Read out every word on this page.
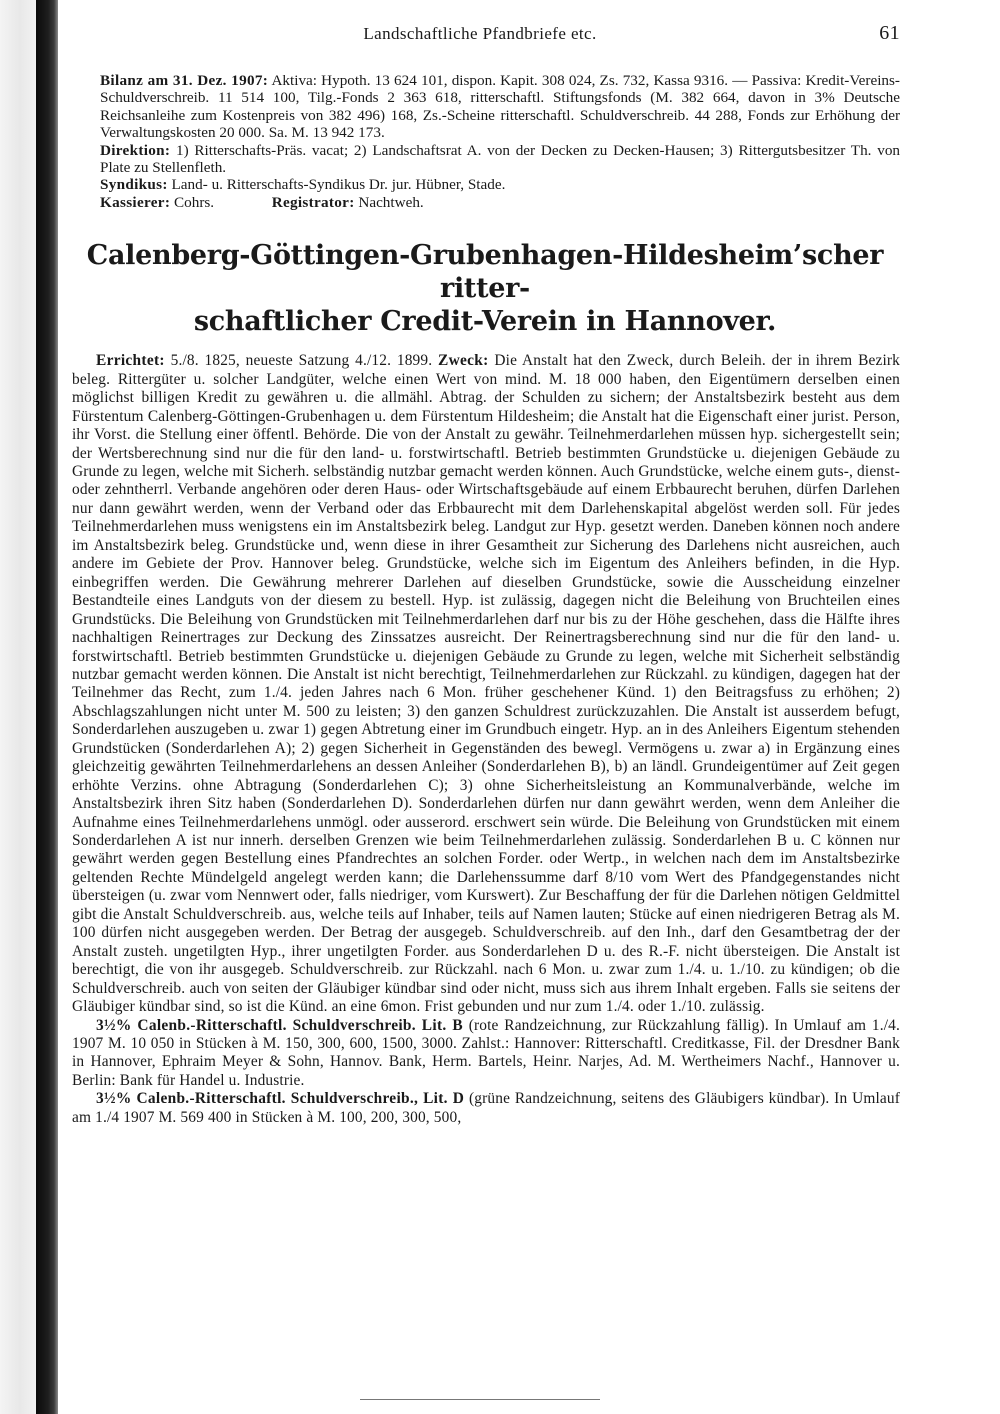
Landschaftliche Pfandbriefe etc.	61

Bilanz am 31. Dez. 1907: Aktiva: Hypoth. 13 624 101, dispon. Kapit. 308 024, Zs. 732, Kassa 9316. — Passiva: Kredit-Vereins-Schuldverschreib. 11 514 100, Tilg.-Fonds 2 363 618, ritterschaftl. Stiftungsfonds (M. 382 664, davon in 3% Deutsche Reichsanleihe zum Kostenpreis von 382 496) 168, Zs.-Scheine ritterschaftl. Schuldverschreib. 44 288, Fonds zur Erhöhung der Verwaltungskosten 20 000. Sa. M. 13 942 173.

Direktion: 1) Ritterschafts-Präs. vacat; 2) Landschaftsrat A. von der Decken zu Decken-Hausen; 3) Rittergutsbesitzer Th. von Plate zu Stellenfleth.

Syndikus: Land- u. Ritterschafts-Syndikus Dr. jur. Hübner, Stade.

Kassierer: Cohrs.	Registrator: Nachtweh.

Calenberg-Göttingen-Grubenhagen-Hildesheim’scher ritter-
schaftlicher Credit-Verein in Hannover.

Errichtet: 5./8. 1825, neueste Satzung 4./12. 1899. Zweck: Die Anstalt hat den Zweck, durch Beleih. der in ihrem Bezirk beleg. Rittergüter u. solcher Landgüter, welche einen Wert von mind. M. 18 000 haben, den Eigentümern derselben einen möglichst billigen Kredit zu gewähren u. die allmähl. Abtrag. der Schulden zu sichern; der Anstaltsbezirk besteht aus dem Fürstentum Calenberg-Göttingen-Grubenhagen u. dem Fürstentum Hildesheim; die Anstalt hat die Eigenschaft einer jurist. Person, ihr Vorst. die Stellung einer öffentl. Behörde. Die von der Anstalt zu gewähr. Teilnehmerdarlehen müssen hyp. sichergestellt sein; der Wertsberechnung sind nur die für den land- u. forstwirtschaftl. Betrieb bestimmten Grundstücke u. diejenigen Gebäude zu Grunde zu legen, welche mit Sicherh. selbständig nutzbar gemacht werden können. Auch Grundstücke, welche einem guts-, dienst- oder zehntherrl. Verbande angehören oder deren Haus- oder Wirtschaftsgebäude auf einem Erbbaurecht beruhen, dürfen Darlehen nur dann gewährt werden, wenn der Verband oder das Erbbaurecht mit dem Darlehenskapital abgelöst werden soll. Für jedes Teilnehmerdarlehen muss wenigstens ein im Anstaltsbezirk beleg. Landgut zur Hyp. gesetzt werden. Daneben können noch andere im Anstaltsbezirk beleg. Grundstücke und, wenn diese in ihrer Gesamtheit zur Sicherung des Darlehens nicht ausreichen, auch andere im Gebiete der Prov. Hannover beleg. Grundstücke, welche sich im Eigentum des Anleihers befinden, in die Hyp. einbegriffen werden. Die Gewährung mehrerer Darlehen auf dieselben Grundstücke, sowie die Ausscheidung einzelner Bestandteile eines Landguts von der diesem zu bestell. Hyp. ist zulässig, dagegen nicht die Beleihung von Bruchteilen eines Grundstücks. Die Beleihung von Grundstücken mit Teilnehmerdarlehen darf nur bis zu der Höhe geschehen, dass die Hälfte ihres nachhaltigen Reinertrages zur Deckung des Zinssatzes ausreicht. Der Reinertragsberechnung sind nur die für den land- u. forstwirtschaftl. Betrieb bestimmten Grundstücke u. diejenigen Gebäude zu Grunde zu legen, welche mit Sicherheit selbständig nutzbar gemacht werden können. Die Anstalt ist nicht berechtigt, Teilnehmerdarlehen zur Rückzahl. zu kündigen, dagegen hat der Teilnehmer das Recht, zum 1./4. jeden Jahres nach 6 Mon. früher geschehener Künd. 1) den Beitragsfuss zu erhöhen; 2) Abschlagszahlungen nicht unter M. 500 zu leisten; 3) den ganzen Schuldrest zurückzuzahlen. Die Anstalt ist ausserdem befugt, Sonderdarlehen auszugeben u. zwar 1) gegen Abtretung einer im Grundbuch eingetr. Hyp. an in des Anleihers Eigentum stehenden Grundstücken (Sonderdarlehen A); 2) gegen Sicherheit in Gegenständen des bewegl. Vermögens u. zwar a) in Ergänzung eines gleichzeitig gewährten Teilnehmerdarlehens an dessen Anleiher (Sonderdarlehen B), b) an ländl. Grundeigentümer auf Zeit gegen erhöhte Verzins. ohne Abtragung (Sonderdarlehen C); 3) ohne Sicherheitsleistung an Kommunalverbände, welche im Anstaltsbezirk ihren Sitz haben (Sonderdarlehen D). Sonderdarlehen dürfen nur dann gewährt werden, wenn dem Anleiher die Aufnahme eines Teilnehmerdarlehens unmögl. oder ausserord. erschwert sein würde. Die Beleihung von Grundstücken mit einem Sonderdarlehen A ist nur innerh. derselben Grenzen wie beim Teilnehmerdarlehen zulässig. Sonderdarlehen B u. C können nur gewährt werden gegen Bestellung eines Pfandrechtes an solchen Forder. oder Wertp., in welchen nach dem im Anstaltsbezirke geltenden Rechte Mündelgeld angelegt werden kann; die Darlehenssumme darf 8/10 vom Wert des Pfandgegenstandes nicht übersteigen (u. zwar vom Nennwert oder, falls niedriger, vom Kurswert). Zur Beschaffung der für die Darlehen nötigen Geldmittel gibt die Anstalt Schuldverschreib. aus, welche teils auf Inhaber, teils auf Namen lauten; Stücke auf einen niedrigeren Betrag als M. 100 dürfen nicht ausgegeben werden. Der Betrag der ausgegeb. Schuldverschreib. auf den Inh., darf den Gesamtbetrag der der Anstalt zusteh. ungetilgten Hyp., ihrer ungetilgten Forder. aus Sonderdarlehen D u. des R.-F. nicht übersteigen. Die Anstalt ist berechtigt, die von ihr ausgegeb. Schuldverschreib. zur Rückzahl. nach 6 Mon. u. zwar zum 1./4. u. 1./10. zu kündigen; ob die Schuldverschreib. auch von seiten der Gläubiger kündbar sind oder nicht, muss sich aus ihrem Inhalt ergeben. Falls sie seitens der Gläubiger kündbar sind, so ist die Künd. an eine 6mon. Frist gebunden und nur zum 1./4. oder 1./10. zulässig.

3½% Calenb.-Ritterschaftl. Schuldverschreib. Lit. B (rote Randzeichnung, zur Rückzahlung fällig). In Umlauf am 1./4. 1907 M. 10 050 in Stücken à M. 150, 300, 600, 1500, 3000. Zahlst.: Hannover: Ritterschaftl. Creditkasse, Fil. der Dresdner Bank in Hannover, Ephraim Meyer & Sohn, Hannov. Bank, Herm. Bartels, Heinr. Narjes, Ad. M. Wertheimers Nachf., Hannover u. Berlin: Bank für Handel u. Industrie.

3½% Calenb.-Ritterschaftl. Schuldverschreib., Lit. D (grüne Randzeichnung, seitens des Gläubigers kündbar). In Umlauf am 1./4 1907 M. 569 400 in Stücken à M. 100, 200, 300, 500,
